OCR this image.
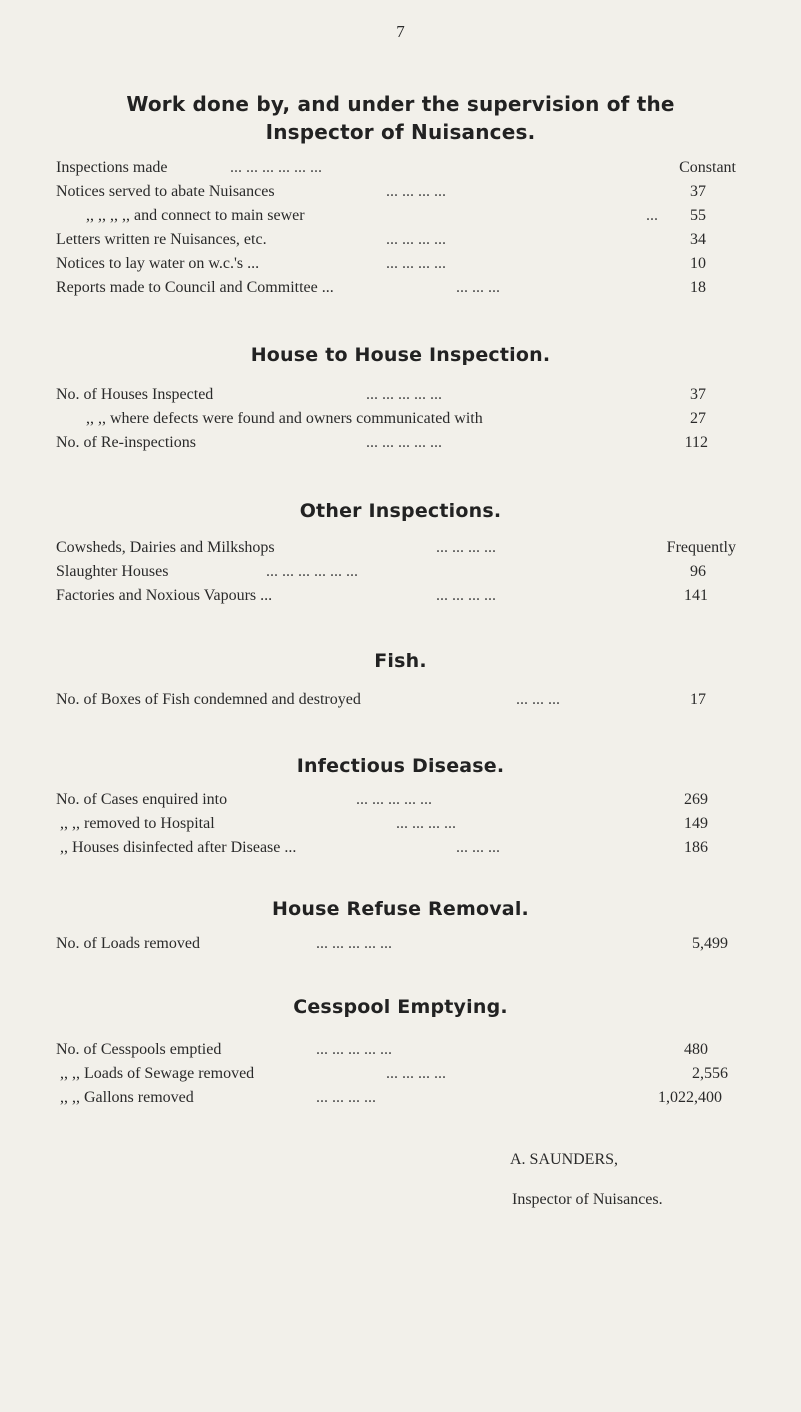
7
Work done by, and under the supervision of the
Inspector of Nuisances.
Inspections made	... ... ... ... ... ...	Constant
Notices served to abate Nuisances	... ... ... ...	37
,, ,, ,, ,, and connect to main sewer	... 55
Letters written re Nuisances, etc.	... ... ... ...	34
Notices to lay water on w.c.'s ...	... ... ... ...	10
Reports made to Council and Committee ...	... ... ...	18
House to House Inspection.
No. of Houses Inspected	... ... ... ... ...	37
,, ,, where defects were found and owners communicated with	27
No. of Re-inspections	... ... ... ... ...	112
Other Inspections.
Cowsheds, Dairies and Milkshops	... ... ... ...	Frequently
Slaughter Houses	... ... ... ... ... ...	96
Factories and Noxious Vapours ...	... ... ... ...	141
Fish.
No. of Boxes of Fish condemned and destroyed	... ... ...	17
Infectious Disease.
No. of Cases enquired into	... ... ... ... ...	269
,, ,, removed to Hospital	... ... ... ...	149
,, Houses disinfected after Disease ...	... ... ...	186
House Refuse Removal.
No. of Loads removed	... ... ... ... ...	5,499
Cesspool Emptying.
No. of Cesspools emptied	... ... ... ... ...	480
,, ,, Loads of Sewage removed	... ... ... ...	2,556
,, ,, Gallons removed	... ... ... ...	1,022,400
A. SAUNDERS,
Inspector of Nuisances.
